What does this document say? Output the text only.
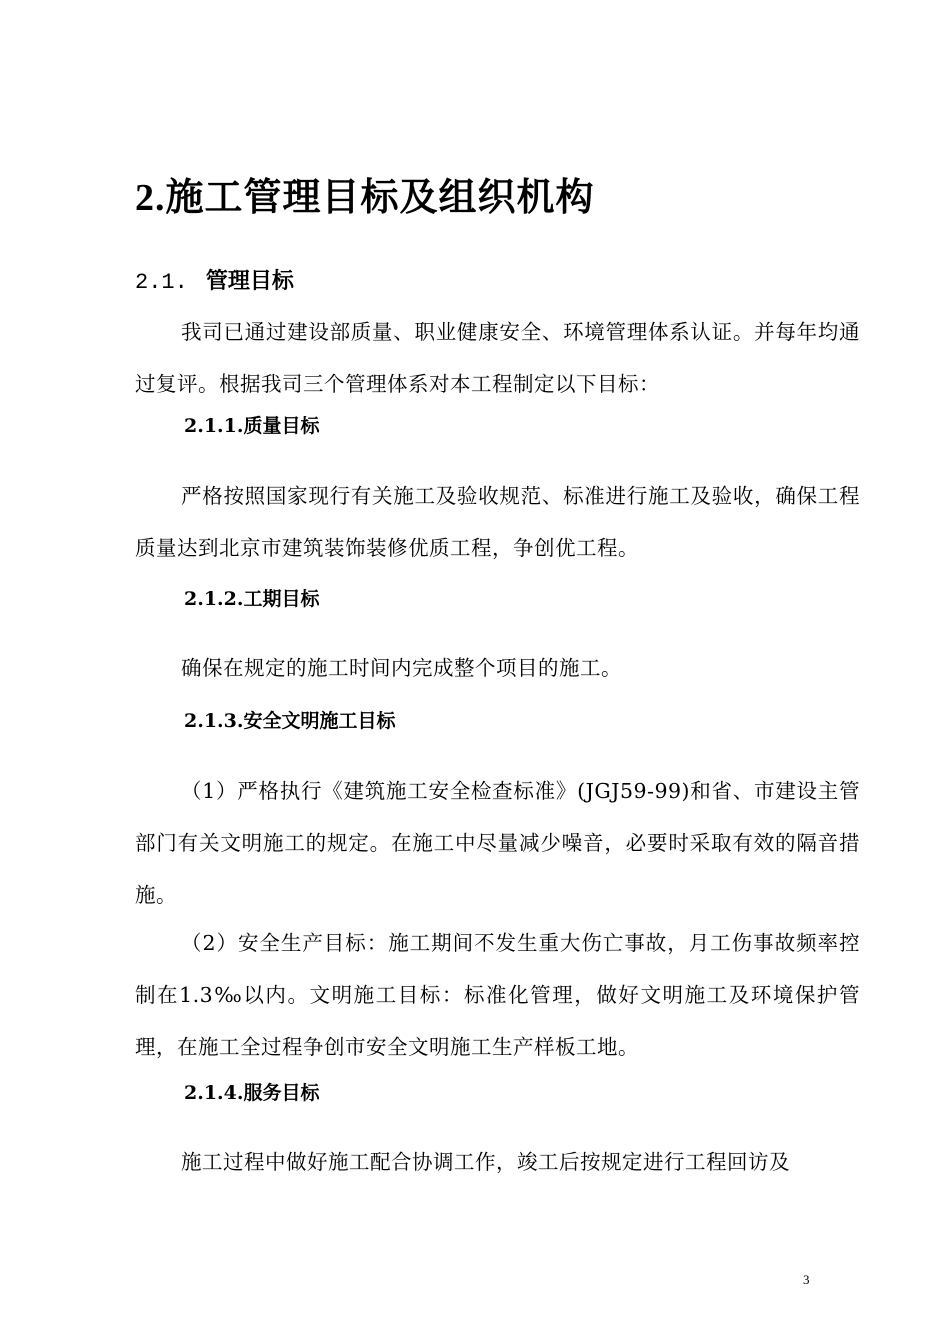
2.施工管理目标及组织机构
2.1. 管理目标
我司已通过建设部质量、职业健康安全、环境管理体系认证。并每年均通过复评。根据我司三个管理体系对本工程制定以下目标：
2.1.1.质量目标
严格按照国家现行有关施工及验收规范、标准进行施工及验收，确保工程质量达到北京市建筑装饰装修优质工程，争创优工程。
2.1.2.工期目标
确保在规定的施工时间内完成整个项目的施工。
2.1.3.安全文明施工目标
（1）严格执行《建筑施工安全检查标准》(JGJ59-99)和省、市建设主管部门有关文明施工的规定。在施工中尽量减少噪音，必要时采取有效的隔音措施。
（2）安全生产目标：施工期间不发生重大伤亡事故，月工伤事故频率控制在1.3‰以内。文明施工目标：标准化管理，做好文明施工及环境保护管理，在施工全过程争创市安全文明施工生产样板工地。
2.1.4.服务目标
施工过程中做好施工配合协调工作，竣工后按规定进行工程回访及
3
